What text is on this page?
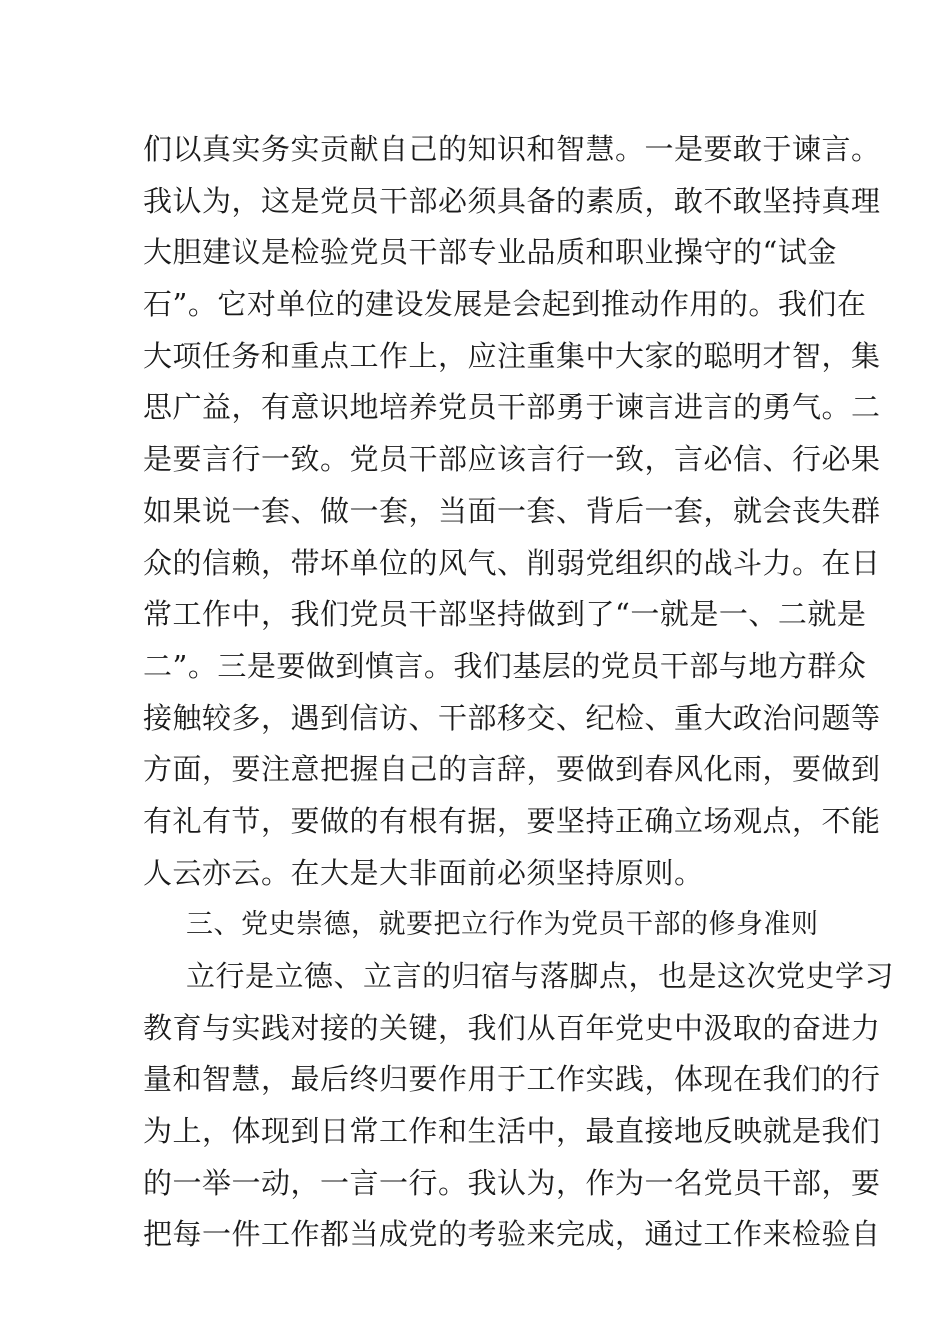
们以真实务实贡献自己的知识和智慧。一是要敢于谏言。
我认为，这是党员干部必须具备的素质，敢不敢坚持真理
大胆建议是检验党员干部专业品质和职业操守的“试金
石”。它对单位的建设发展是会起到推动作用的。我们在
大项任务和重点工作上，应注重集中大家的聪明才智，集
思广益，有意识地培养党员干部勇于谏言进言的勇气。二
是要言行一致。党员干部应该言行一致，言必信、行必果
如果说一套、做一套，当面一套、背后一套，就会丧失群
众的信赖，带坏单位的风气、削弱党组织的战斗力。在日
常工作中，我们党员干部坚持做到了“一就是一、二就是
二”。三是要做到慎言。我们基层的党员干部与地方群众
接触较多，遇到信访、干部移交、纪检、重大政治问题等
方面，要注意把握自己的言辞，要做到春风化雨，要做到
有礼有节，要做的有根有据，要坚持正确立场观点，不能
人云亦云。在大是大非面前必须坚持原则。
三、党史崇德，就要把立行作为党员干部的修身准则
立行是立德、立言的归宿与落脚点，也是这次党史学习
教育与实践对接的关键，我们从百年党史中汲取的奋进力
量和智慧，最后终归要作用于工作实践，体现在我们的行
为上，体现到日常工作和生活中，最直接地反映就是我们
的一举一动，一言一行。我认为，作为一名党员干部，要
把每一件工作都当成党的考验来完成，通过工作来检验自
